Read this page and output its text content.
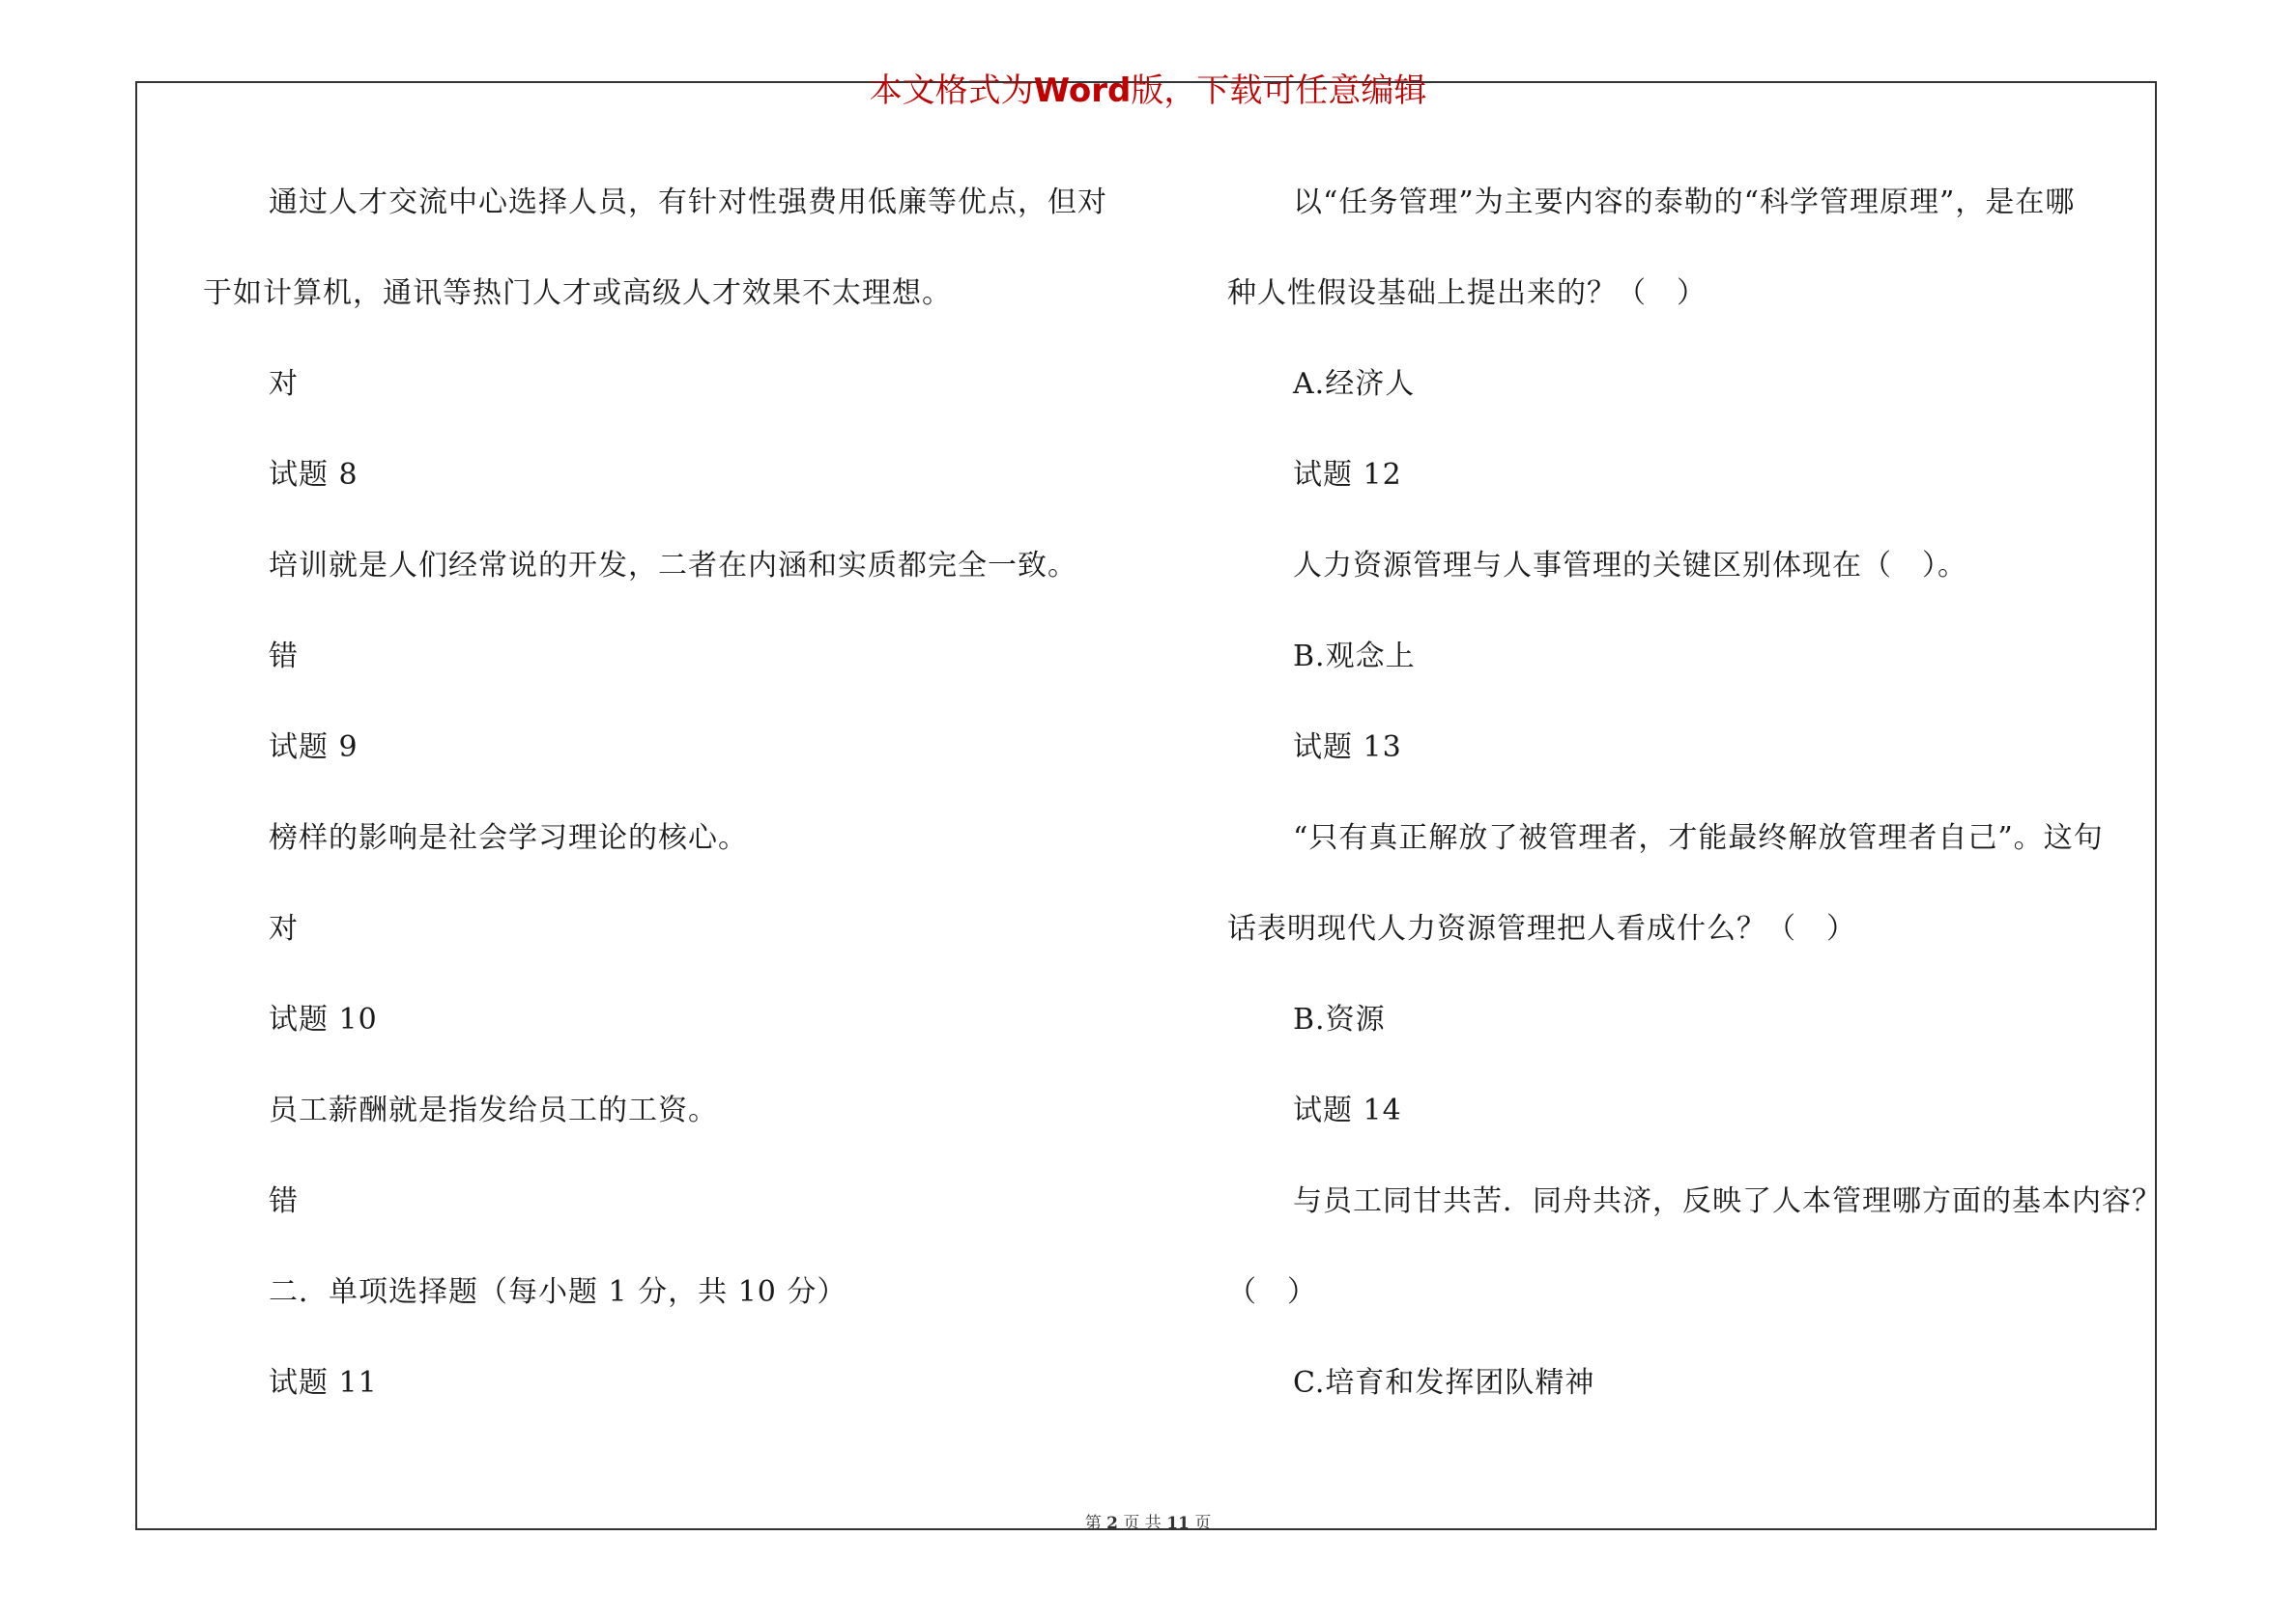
本文格式为Word版，下载可任意编辑
通过人才交流中心选择人员，有针对性强费用低廉等优点，但对
于如计算机，通讯等热门人才或高级人才效果不太理想。
对
试题 8
培训就是人们经常说的开发，二者在内涵和实质都完全一致。
错
试题 9
榜样的影响是社会学习理论的核心。
对
试题 10
员工薪酬就是指发给员工的工资。
错
二．单项选择题（每小题 1 分，共 10 分）
试题 11
以“任务管理”为主要内容的泰勒的“科学管理原理”，是在哪
种人性假设基础上提出来的？（　）
A.经济人
试题 12
人力资源管理与人事管理的关键区别体现在（　）。
B.观念上
试题 13
“只有真正解放了被管理者，才能最终解放管理者自己”。这句
话表明现代人力资源管理把人看成什么？（　）
B.资源
试题 14
与员工同甘共苦．同舟共济，反映了人本管理哪方面的基本内容？
（　）
C.培育和发挥团队精神
第 2 页 共 11 页
